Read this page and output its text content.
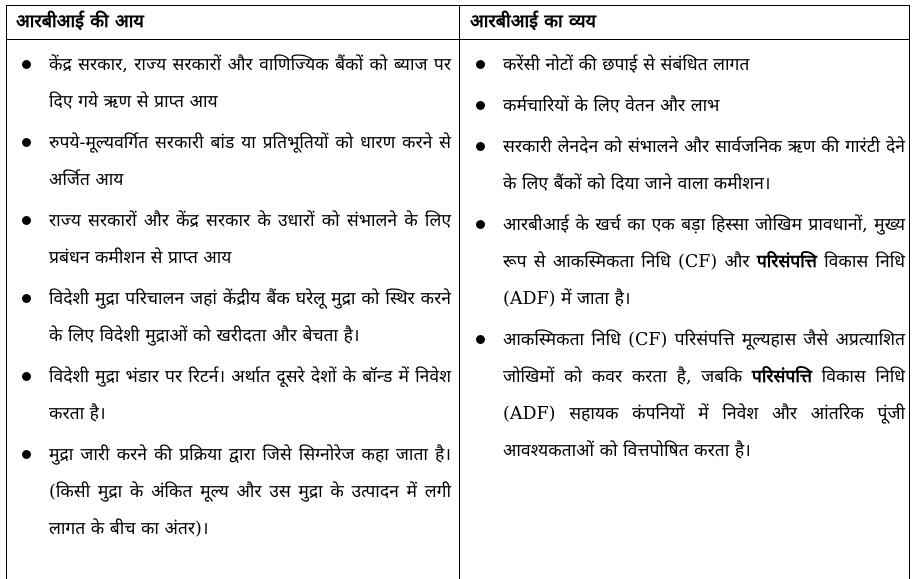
आरबीआई की आय	आरबीआई का व्यय
केंद्र सरकार, राज्य सरकारों और वाणिज्यिक बैंकों को ब्याज पर दिए गये ऋण से प्राप्त आय
रुपये-मूल्यवर्गित सरकारी बांड या प्रतिभूतियों को धारण करने से अर्जित आय
राज्य सरकारों और केंद्र सरकार के उधारों को संभालने के लिए प्रबंधन कमीशन से प्राप्त आय
विदेशी मुद्रा परिचालन जहां केंद्रीय बैंक घरेलू मुद्रा को स्थिर करने के लिए विदेशी मुद्राओं को खरीदता और बेचता है।
विदेशी मुद्रा भंडार पर रिटर्न। अर्थात दूसरे देशों के बॉन्ड में निवेश करता है।
मुद्रा जारी करने की प्रक्रिया द्वारा जिसे सिग्नोरेज कहा जाता है। (किसी मुद्रा के अंकित मूल्य और उस मुद्रा के उत्पादन में लगी लागत के बीच का अंतर)।
करेंसी नोटों की छपाई से संबंधित लागत
कर्मचारियों के लिए वेतन और लाभ
सरकारी लेनदेन को संभालने और सार्वजनिक ऋण की गारंटी देने के लिए बैंकों को दिया जाने वाला कमीशन।
आरबीआई के खर्च का एक बड़ा हिस्सा जोखिम प्रावधानों, मुख्य रूप से आकस्मिकता निधि (CF) और परिसंपत्ति विकास निधि (ADF) में जाता है।
आकस्मिकता निधि (CF) परिसंपत्ति मूल्यहास जैसे अप्रत्याशित जोखिमों को कवर करता है, जबकि परिसंपत्ति विकास निधि (ADF) सहायक कंपनियों में निवेश और आंतरिक पूंजी आवश्यकताओं को वित्तपोषित करता है।
